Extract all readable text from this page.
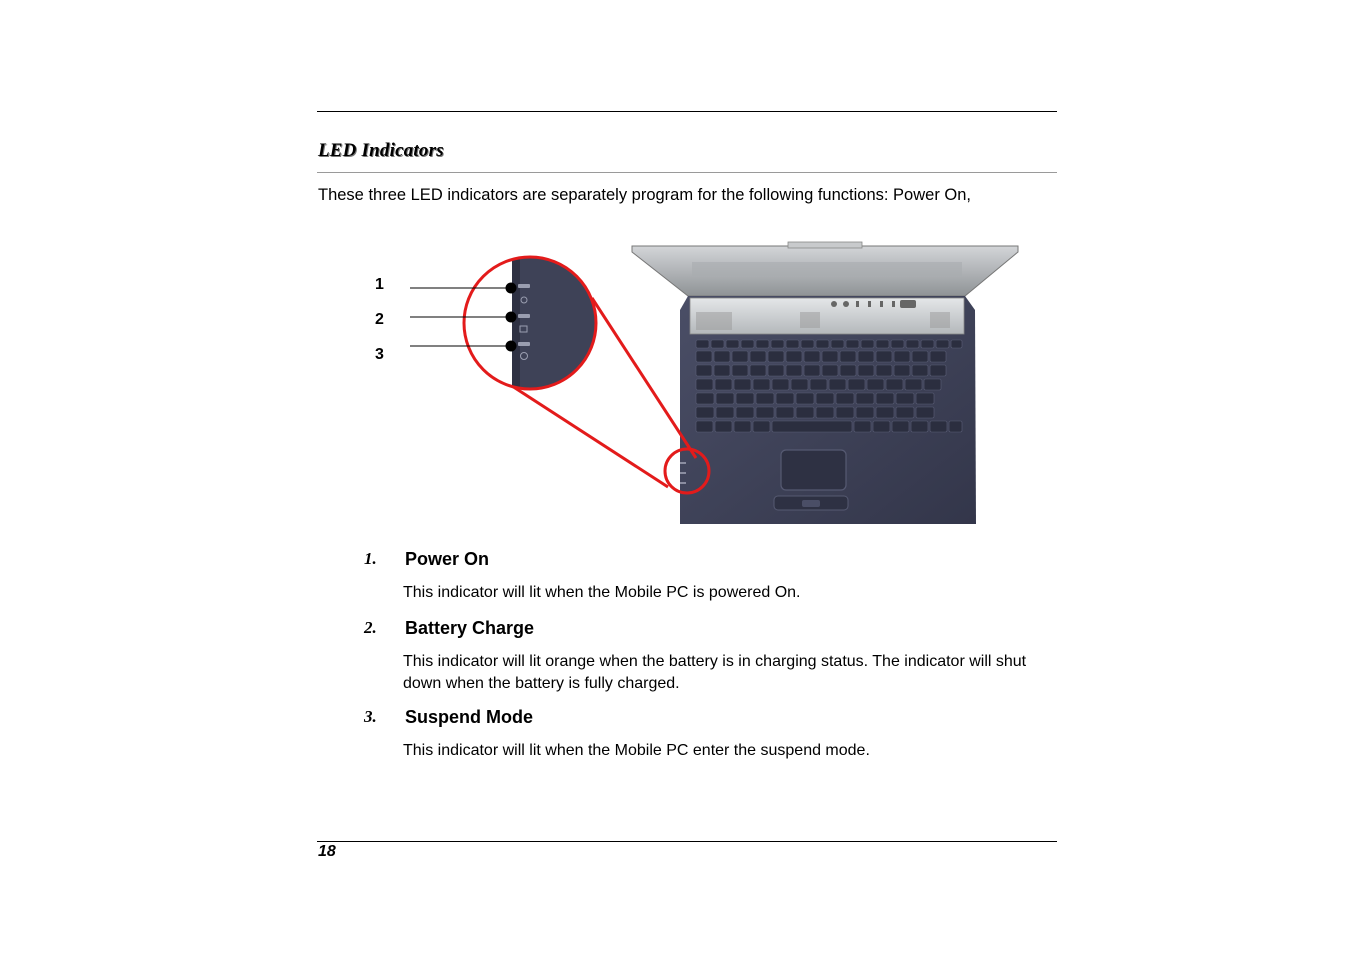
LED Indicators
These three LED indicators are separately program for the following functions: Power On,
1
2
3
1. Power On
This indicator will lit when the Mobile PC is powered On.
2. Battery Charge
This indicator will lit orange when the battery is in charging status. The indicator will shut down when the battery is fully charged.
3. Suspend Mode
This indicator will lit when the Mobile PC enter the suspend mode.
18
